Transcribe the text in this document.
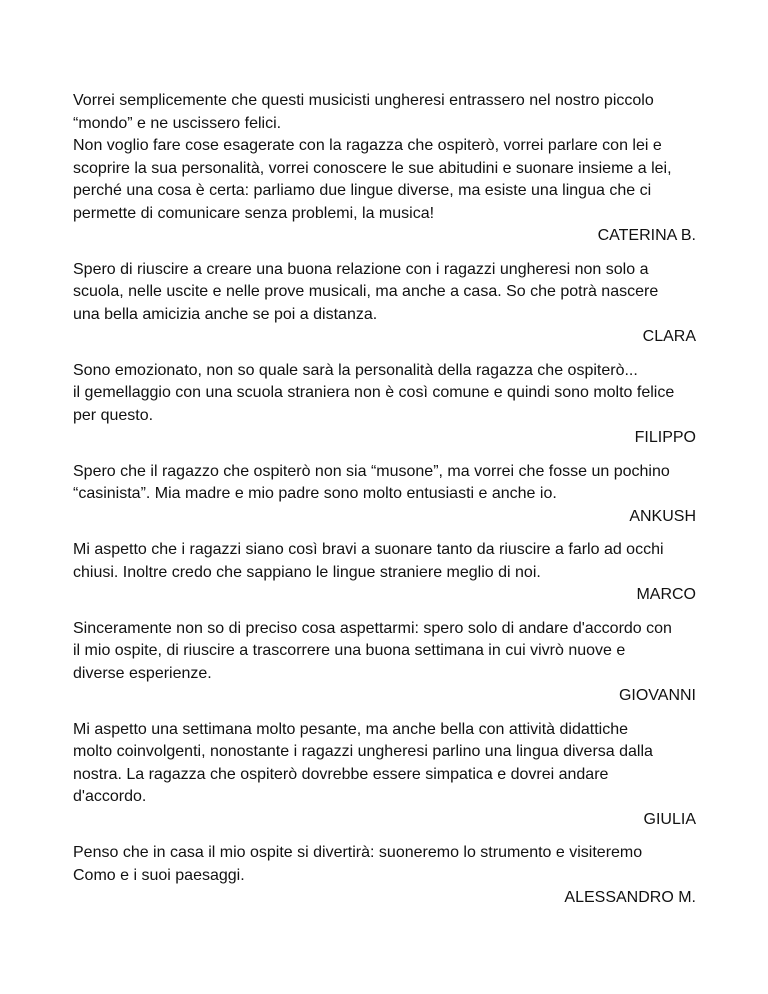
Vorrei semplicemente che questi musicisti ungheresi entrassero nel nostro piccolo
“mondo” e ne uscissero felici.
Non voglio fare cose esagerate con la ragazza che ospiterò, vorrei parlare con lei e
scoprire la sua personalità, vorrei conoscere le sue abitudini e suonare insieme a lei,
perché una cosa è certa: parliamo due lingue diverse, ma esiste una lingua che ci
permette di comunicare senza problemi, la musica!

CATERINA B.

Spero di riuscire a creare una buona relazione con i ragazzi ungheresi non solo a
scuola, nelle uscite e nelle prove musicali, ma anche a casa. So che potrà nascere
una bella amicizia anche se poi a distanza.

CLARA

Sono emozionato, non so quale sarà la personalità della ragazza che ospiterò...
il gemellaggio con una scuola straniera non è così comune e quindi sono molto felice
per questo.

FILIPPO

Spero che il ragazzo che ospiterò non sia “musone”, ma vorrei che fosse un pochino
“casinista”. Mia madre e mio padre sono molto entusiasti e anche io.

ANKUSH

Mi aspetto che i ragazzi siano così bravi a suonare tanto da riuscire a farlo ad occhi
chiusi. Inoltre credo che sappiano le lingue straniere meglio di noi.

MARCO

Sinceramente non so di preciso cosa aspettarmi: spero solo di andare d'accordo con
il mio ospite, di riuscire a trascorrere una buona settimana in cui vivrò nuove e
diverse esperienze.

GIOVANNI

Mi aspetto una settimana molto pesante, ma anche bella con attività didattiche
molto coinvolgenti, nonostante i ragazzi ungheresi parlino una lingua diversa dalla
nostra. La ragazza che ospiterò dovrebbe essere simpatica e dovrei andare
d'accordo.

GIULIA

Penso che in casa il mio ospite si divertirà: suoneremo lo strumento e visiteremo
Como e i suoi paesaggi.

ALESSANDRO M.
